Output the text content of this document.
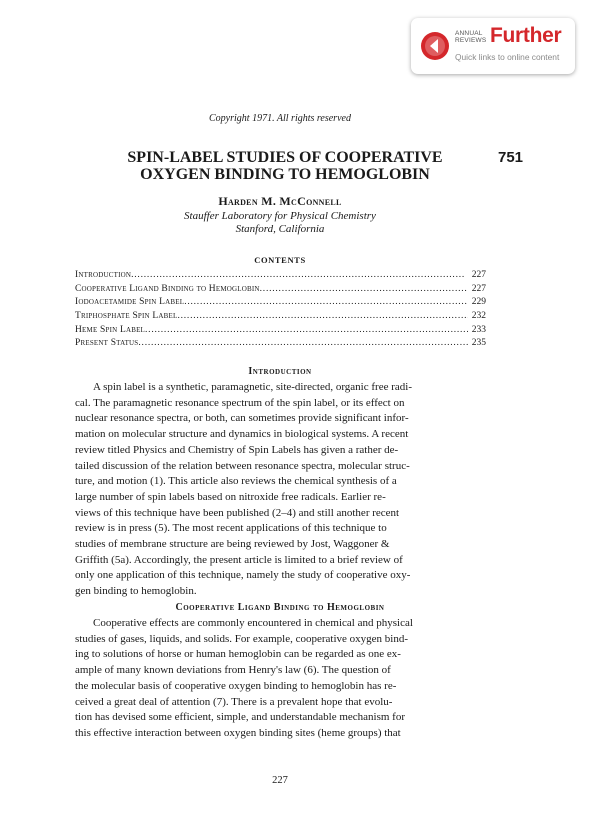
ANNUAL
REVIEWS Further
Quick links to online content
Copyright 1971. All rights reserved
751
SPIN-LABEL STUDIES OF COOPERATIVE
OXYGEN BINDING TO HEMOGLOBIN
Harden M. McConnell
Stauffer Laboratory for Physical Chemistry
Stanford, California
CONTENTS
Introduction . . .	227
Cooperative Ligand Binding to Hemoglobin . . .	227
Iodoacetamide Spin Label . . .	229
Triphosphate Spin Label . . .	232
Heme Spin Label . . .	233
Present Status . . .	235
Introduction
A spin label is a synthetic, paramagnetic, site-directed, organic free radi-
cal. The paramagnetic resonance spectrum of the spin label, or its effect on
nuclear resonance spectra, or both, can sometimes provide significant infor-
mation on molecular structure and dynamics in biological systems. A recent
review titled Physics and Chemistry of Spin Labels has given a rather de-
tailed discussion of the relation between resonance spectra, molecular struc-
ture, and motion (1). This article also reviews the chemical synthesis of a
large number of spin labels based on nitroxide free radicals. Earlier re-
views of this technique have been published (2–4) and still another recent
review is in press (5). The most recent applications of this technique to
studies of membrane structure are being reviewed by Jost, Waggoner &
Griffith (5a). Accordingly, the present article is limited to a brief review of
only one application of this technique, namely the study of cooperative oxy-
gen binding to hemoglobin.
Cooperative Ligand Binding to Hemoglobin
Cooperative effects are commonly encountered in chemical and physical
studies of gases, liquids, and solids. For example, cooperative oxygen bind-
ing to solutions of horse or human hemoglobin can be regarded as one ex-
ample of many known deviations from Henry's law (6). The question of
the molecular basis of cooperative oxygen binding to hemoglobin has re-
ceived a great deal of attention (7). There is a prevalent hope that evolu-
tion has devised some efficient, simple, and understandable mechanism for
this effective interaction between oxygen binding sites (heme groups) that
227
